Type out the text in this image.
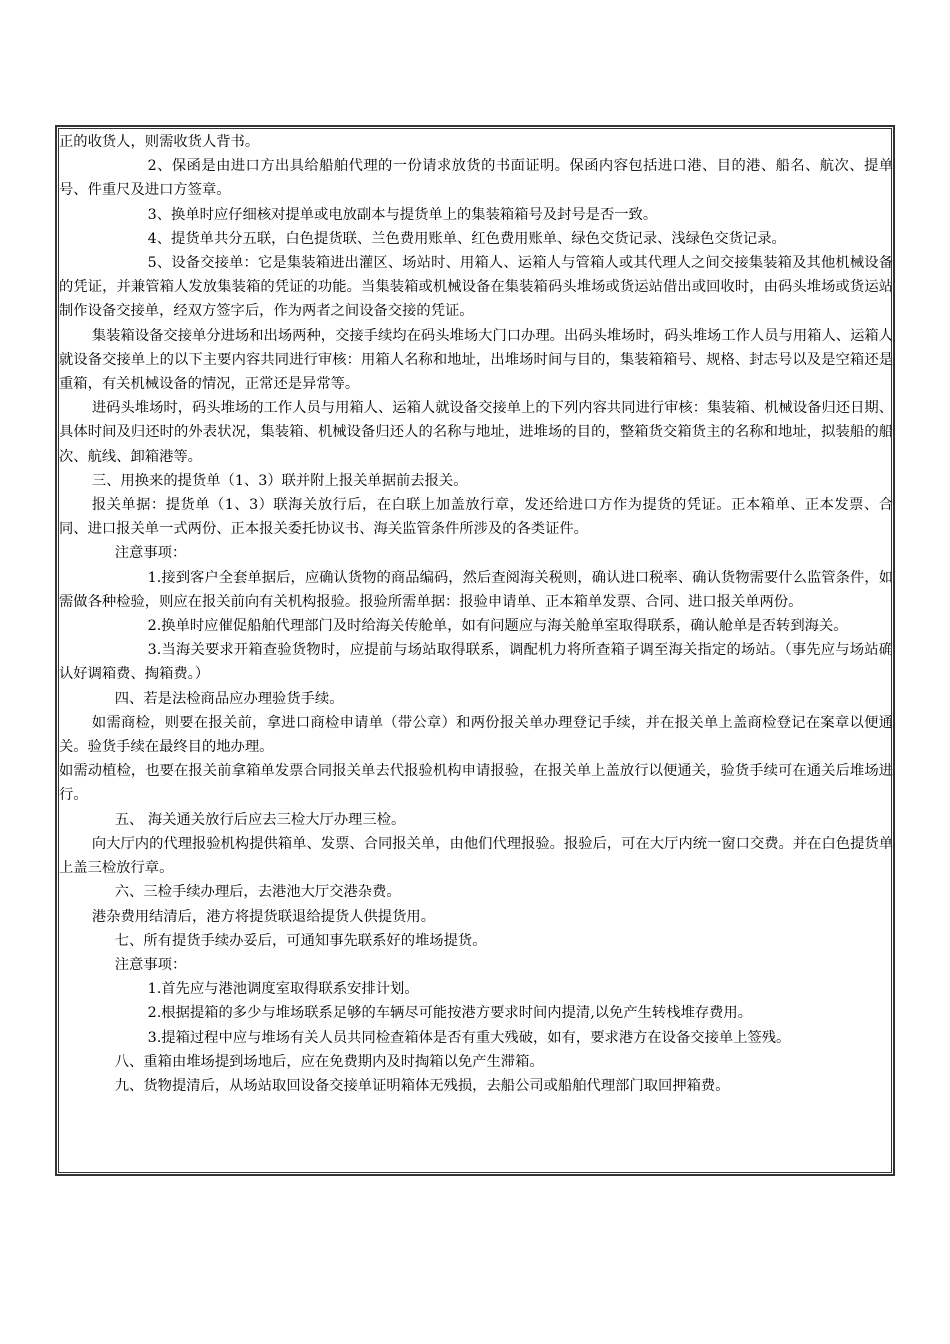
正的收货人，则需收货人背书。

2、保函是由进口方出具给船舶代理的一份请求放货的书面证明。保函内容包括进口港、目的港、船名、航次、提单号、件重尺及进口方签章。

3、换单时应仔细核对提单或电放副本与提货单上的集装箱箱号及封号是否一致。

4、提货单共分五联，白色提货联、兰色费用账单、红色费用账单、绿色交货记录、浅绿色交货记录。

5、设备交接单：它是集装箱进出灌区、场站时、用箱人、运箱人与管箱人或其代理人之间交接集装箱及其他机械设备的凭证，并兼管箱人发放集装箱的凭证的功能。当集装箱或机械设备在集装箱码头堆场或货运站借出或回收时，由码头堆场或货运站制作设备交接单，经双方签字后，作为两者之间设备交接的凭证。

集装箱设备交接单分进场和出场两种，交接手续均在码头堆场大门口办理。出码头堆场时，码头堆场工作人员与用箱人、运箱人就设备交接单上的以下主要内容共同进行审核：用箱人名称和地址，出堆场时间与目的，集装箱箱号、规格、封志号以及是空箱还是重箱，有关机械设备的情况，正常还是异常等。

进码头堆场时，码头堆场的工作人员与用箱人、运箱人就设备交接单上的下列内容共同进行审核：集装箱、机械设备归还日期、具体时间及归还时的外表状况，集装箱、机械设备归还人的名称与地址，进堆场的目的，整箱货交箱货主的名称和地址，拟装船的船次、航线、卸箱港等。

三、用换来的提货单（1、3）联并附上报关单据前去报关。

报关单据：提货单（1、3）联海关放行后，在白联上加盖放行章，发还给进口方作为提货的凭证。正本箱单、正本发票、合同、进口报关单一式两份、正本报关委托协议书、海关监管条件所涉及的各类证件。

注意事项：

1.接到客户全套单据后，应确认货物的商品编码，然后查阅海关税则，确认进口税率、确认货物需要什么监管条件，如需做各种检验，则应在报关前向有关机构报验。报验所需单据：报验申请单、正本箱单发票、合同、进口报关单两份。

2.换单时应催促船舶代理部门及时给海关传舱单，如有问题应与海关舱单室取得联系，确认舱单是否转到海关。

3.当海关要求开箱查验货物时，应提前与场站取得联系，调配机力将所查箱子调至海关指定的场站。（事先应与场站确认好调箱费、掏箱费。）

四、若是法检商品应办理验货手续。

如需商检，则要在报关前，拿进口商检申请单（带公章）和两份报关单办理登记手续，并在报关单上盖商检登记在案章以便通关。验货手续在最终目的地办理。

如需动植检，也要在报关前拿箱单发票合同报关单去代报验机构申请报验，在报关单上盖放行以便通关，验货手续可在通关后堆场进行。

五、 海关通关放行后应去三检大厅办理三检。

向大厅内的代理报验机构提供箱单、发票、合同报关单，由他们代理报验。报验后，可在大厅内统一窗口交费。并在白色提货单上盖三检放行章。

六、三检手续办理后，去港池大厅交港杂费。

港杂费用结清后，港方将提货联退给提货人供提货用。

七、所有提货手续办妥后，可通知事先联系好的堆场提货。

注意事项：

1.首先应与港池调度室取得联系安排计划。

2.根据提箱的多少与堆场联系足够的车辆尽可能按港方要求时间内提清,以免产生转栈堆存费用。

3.提箱过程中应与堆场有关人员共同检查箱体是否有重大残破，如有，要求港方在设备交接单上签残。

八、重箱由堆场提到场地后，应在免费期内及时掏箱以免产生滞箱。

九、货物提清后，从场站取回设备交接单证明箱体无残损，去船公司或船舶代理部门取回押箱费。
